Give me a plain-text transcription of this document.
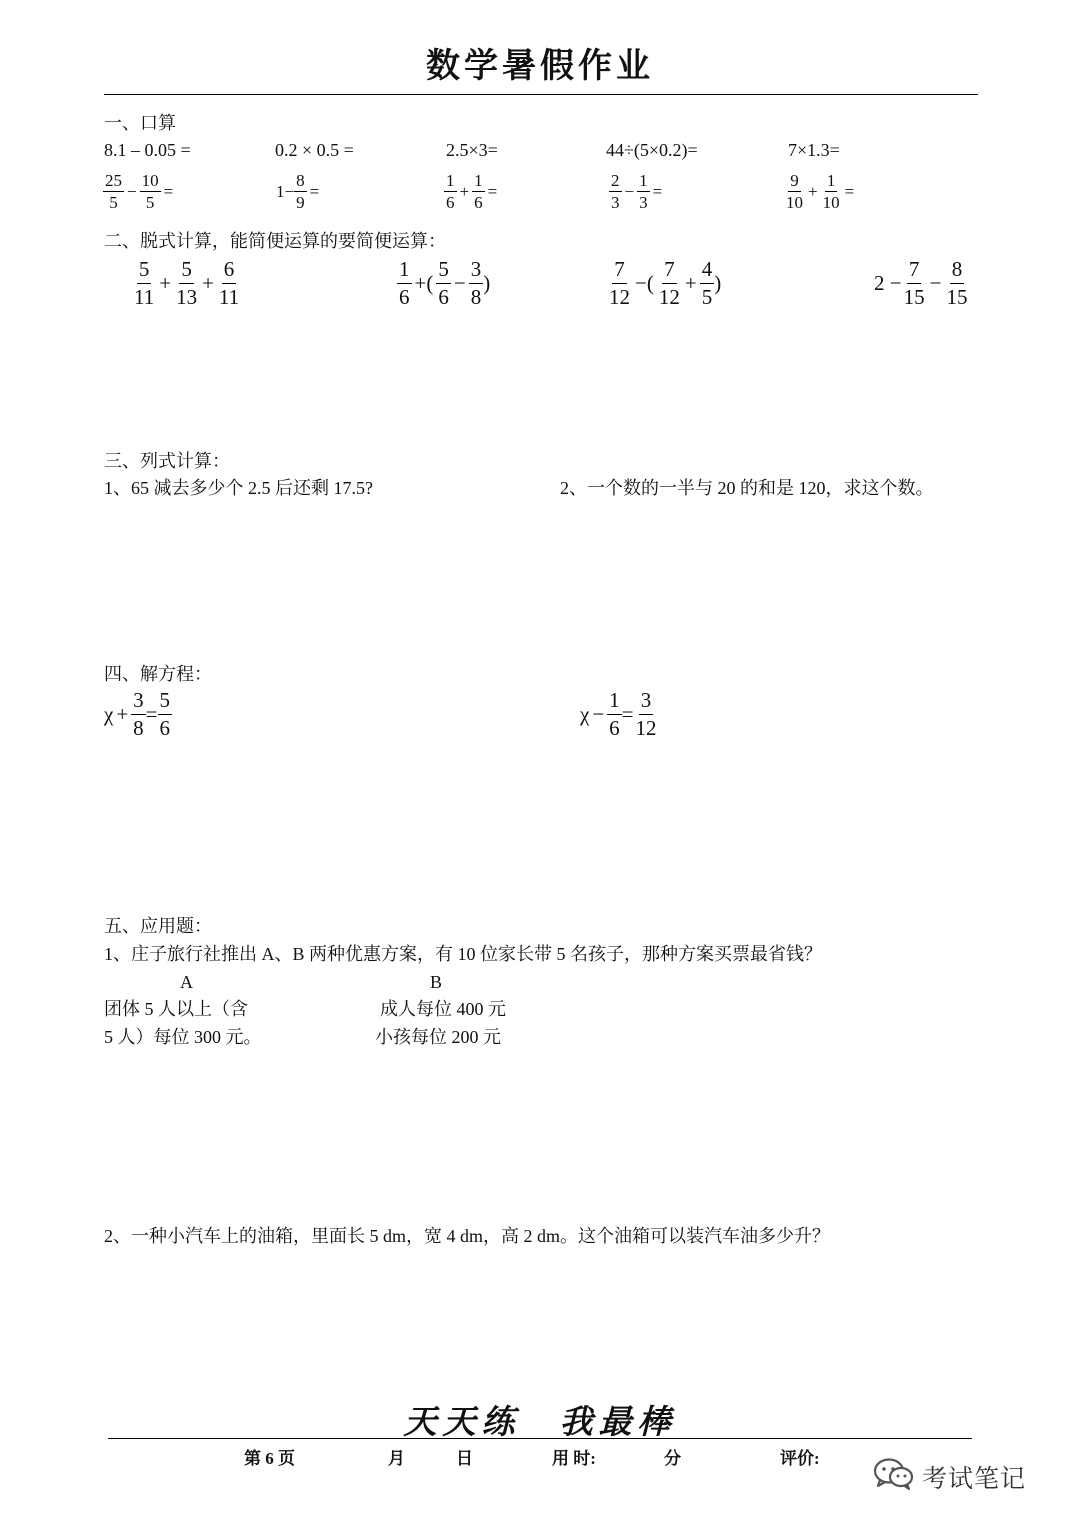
数学暑假作业
一、口算
8.1 – 0.05 =	0.2 × 0.5 =	2.5×3=	44÷(5×0.2)=	7×1.3=
$\frac{25}{5} - \frac{10}{5}$ =	$1- \frac{8}{9}$ =	$\frac{1}{6} + \frac{1}{6}$ =	$\frac{2}{3} - \frac{1}{3}$ =	$\frac{9}{10} + \frac{1}{10}$ =
二、脱式计算，能简便运算的要简便运算：
$\frac{5}{11} + \frac{5}{13} + \frac{6}{11}$	$\frac{1}{6}$ +( $\frac{5}{6} - \frac{3}{8}$ )	$\frac{7}{12}$ −( $\frac{7}{12} + \frac{4}{5}$ )	$2 - \frac{7}{15} - \frac{8}{15}$
三、列式计算：
1、65 减去多少个 2.5 后还剩 17.5?	2、一个数的一半与 20 的和是 120，求这个数。
四、解方程：
$\chi + \frac{3}{8} = \frac{5}{6}$	$\chi - \frac{1}{6} = \frac{3}{12}$
五、应用题：
1、庄子旅行社推出 A、B 两种优惠方案，有 10 位家长带 5 名孩子，那种方案买票最省钱？
A	B
团体 5 人以上（含	成人每位 400 元
5 人）每位 300 元。	小孩每位 200 元
2、一种小汽车上的油箱，里面长 5 dm，宽 4 dm，高 2 dm。这个油箱可以装汽车油多少升？
天天练　我最棒
第 6 页	月	日	用 时:	分	评价:
考试笔记
